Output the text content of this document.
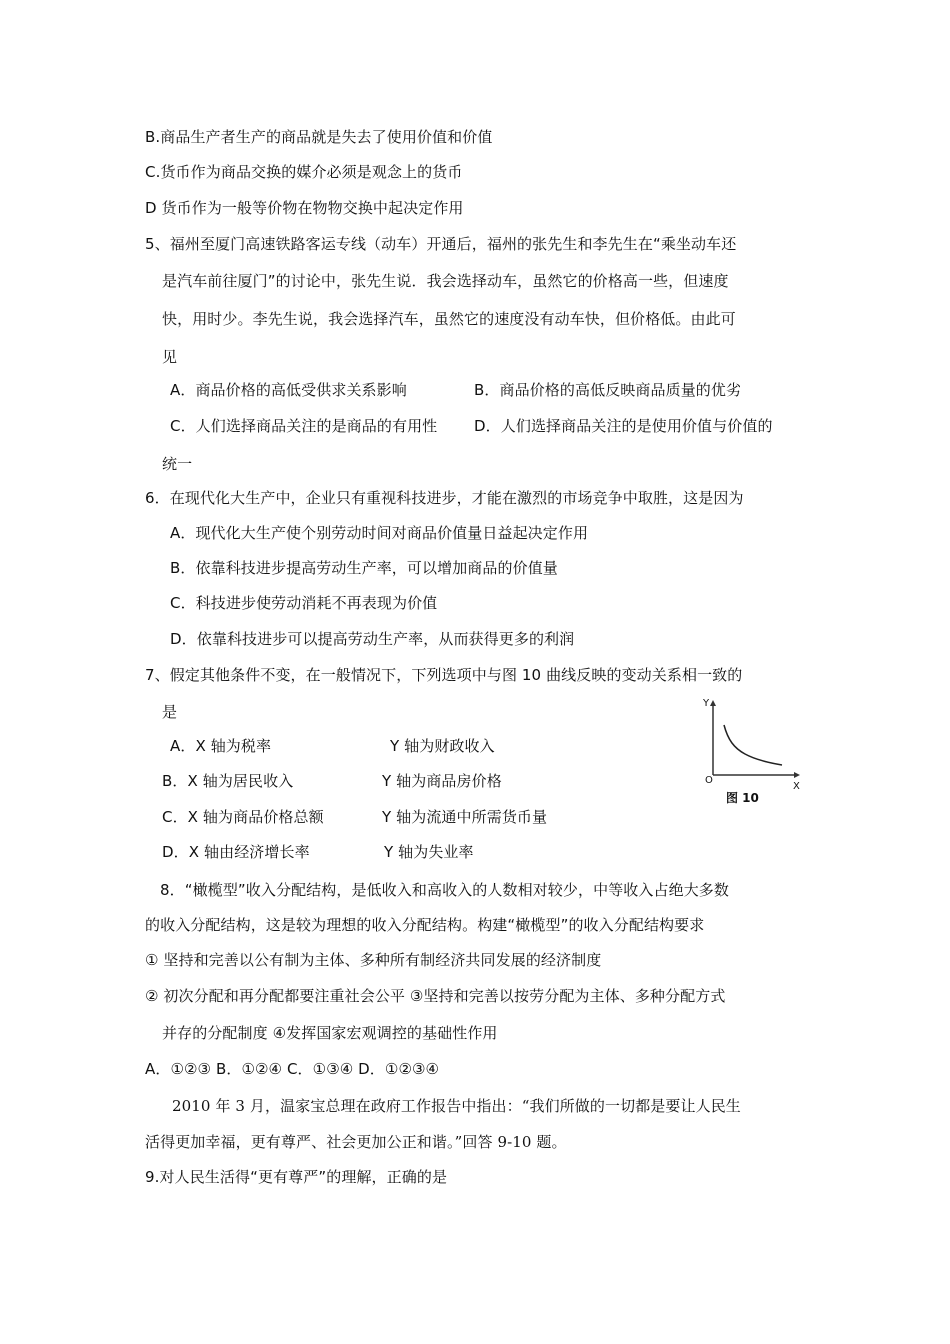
B.商品生产者生产的商品就是失去了使用价值和价值
C.货币作为商品交换的媒介必须是观念上的货币
D 货币作为一般等价物在物物交换中起决定作用
5、福州至厦门高速铁路客运专线（动车）开通后，福州的张先生和李先生在“乘坐动车还
是汽车前往厦门”的讨论中，张先生说．我会选择动车，虽然它的价格高一些，但速度
快，用时少。李先生说，我会选择汽车，虽然它的速度没有动车快，但价格低。由此可
见
A．商品价格的高低受供求关系影响	B．商品价格的高低反映商品质量的优劣
C．人们选择商品关注的是商品的有用性 D．人们选择商品关注的是使用价值与价值的
统一
6．在现代化大生产中，企业只有重视科技进步，才能在激烈的市场竞争中取胜，这是因为
A．现代化大生产使个别劳动时间对商品价值量日益起决定作用
B．依靠科技进步提高劳动生产率，可以增加商品的价值量
C．科技进步使劳动消耗不再表现为价值
D．依靠科技进步可以提高劳动生产率，从而获得更多的利润
7、假定其他条件不变，在一般情况下，下列选项中与图 10 曲线反映的变动关系相一致的
是
A．X 轴为税率	Y 轴为财政收入
B．X 轴为居民收入	Y 轴为商品房价格
C．X 轴为商品价格总额	Y 轴为流通中所需货币量
D．X 轴由经济增长率	Y 轴为失业率
Y
X
O
图 10
8．“橄榄型”收入分配结构，是低收入和高收入的人数相对较少，中等收入占绝大多数
的收入分配结构，这是较为理想的收入分配结构。构建“橄榄型”的收入分配结构要求
① 坚持和完善以公有制为主体、多种所有制经济共同发展的经济制度
② 初次分配和再分配都要注重社会公平 ③坚持和完善以按劳分配为主体、多种分配方式
并存的分配制度 ④发挥国家宏观调控的基础性作用
A．①②③ B．①②④ C．①③④ D．①②③④
2010 年 3 月，温家宝总理在政府工作报告中指出：“我们所做的一切都是要让人民生
活得更加幸福，更有尊严、社会更加公正和谐。”回答 9-10 题。
9.对人民生活得“更有尊严”的理解，正确的是
